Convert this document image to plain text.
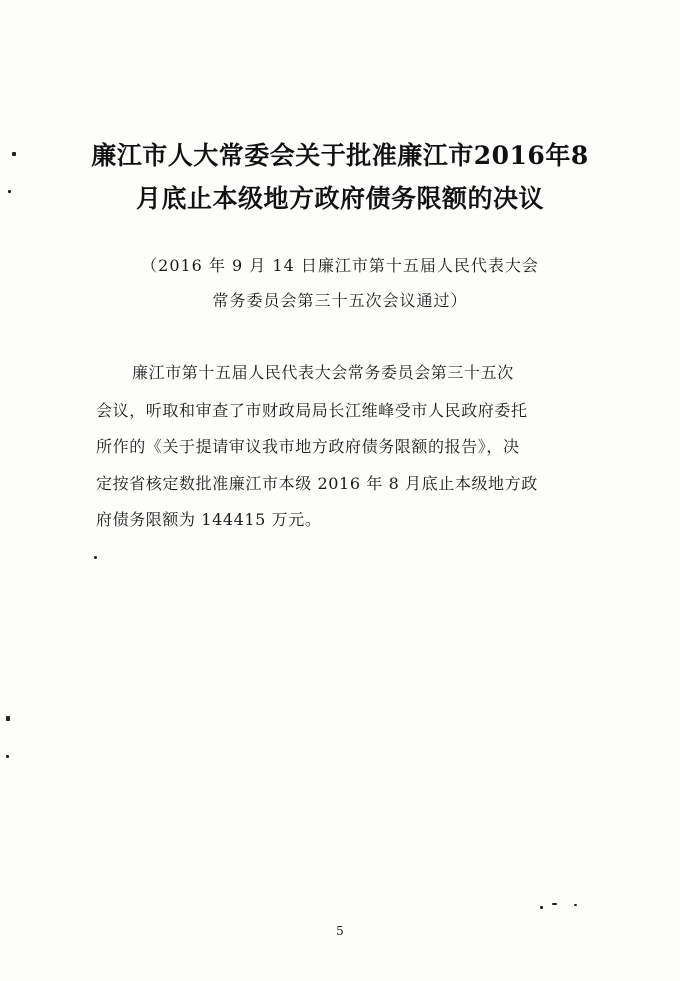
廉江市人大常委会关于批准廉江市2016年8
月底止本级地方政府债务限额的决议
（2016 年 9 月 14 日廉江市第十五届人民代表大会
常务委员会第三十五次会议通过）
廉江市第十五届人民代表大会常务委员会第三十五次
会议，听取和审查了市财政局局长江维峰受市人民政府委托
所作的《关于提请审议我市地方政府债务限额的报告》，决
定按省核定数批准廉江市本级 2016 年 8 月底止本级地方政
府债务限额为 144415 万元。
5
